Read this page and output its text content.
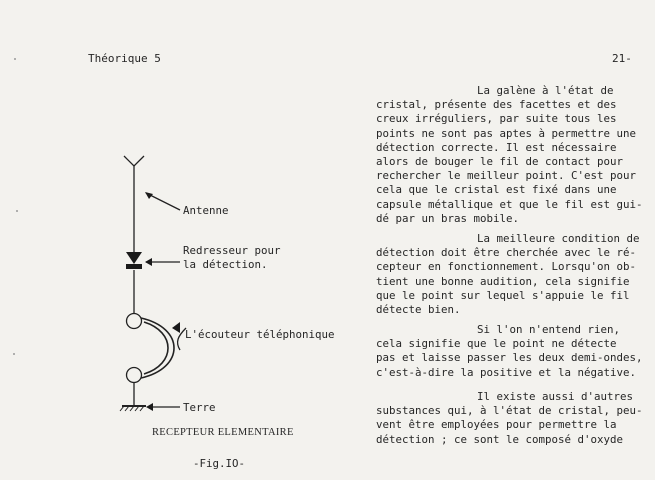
Théorique 5	21-
Antenne
Redresseur pour
la détection.
L'écouteur téléphonique
Terre
RECEPTEUR ELEMENTAIRE
-Fig.IO-
La galène à l'état de
cristal, présente des facettes et des
creux irréguliers, par suite tous les
points ne sont pas aptes à permettre une
détection correcte. Il est nécessaire
alors de bouger le fil de contact pour
rechercher le meilleur point. C'est pour
cela que le cristal est fixé dans une
capsule métallique et que le fil est gui-
dé par un bras mobile.
La meilleure condition de
détection doit être cherchée avec le ré-
cepteur en fonctionnement. Lorsqu'on ob-
tient une bonne audition, cela signifie
que le point sur lequel s'appuie le fil
détecte bien.
Si l'on n'entend rien,
cela signifie que le point ne détecte
pas et laisse passer les deux demi-ondes,
c'est-à-dire la positive et la négative.
Il existe aussi d'autres
substances qui, à l'état de cristal, peu-
vent être employées pour permettre la
détection ; ce sont le composé d'oxyde
